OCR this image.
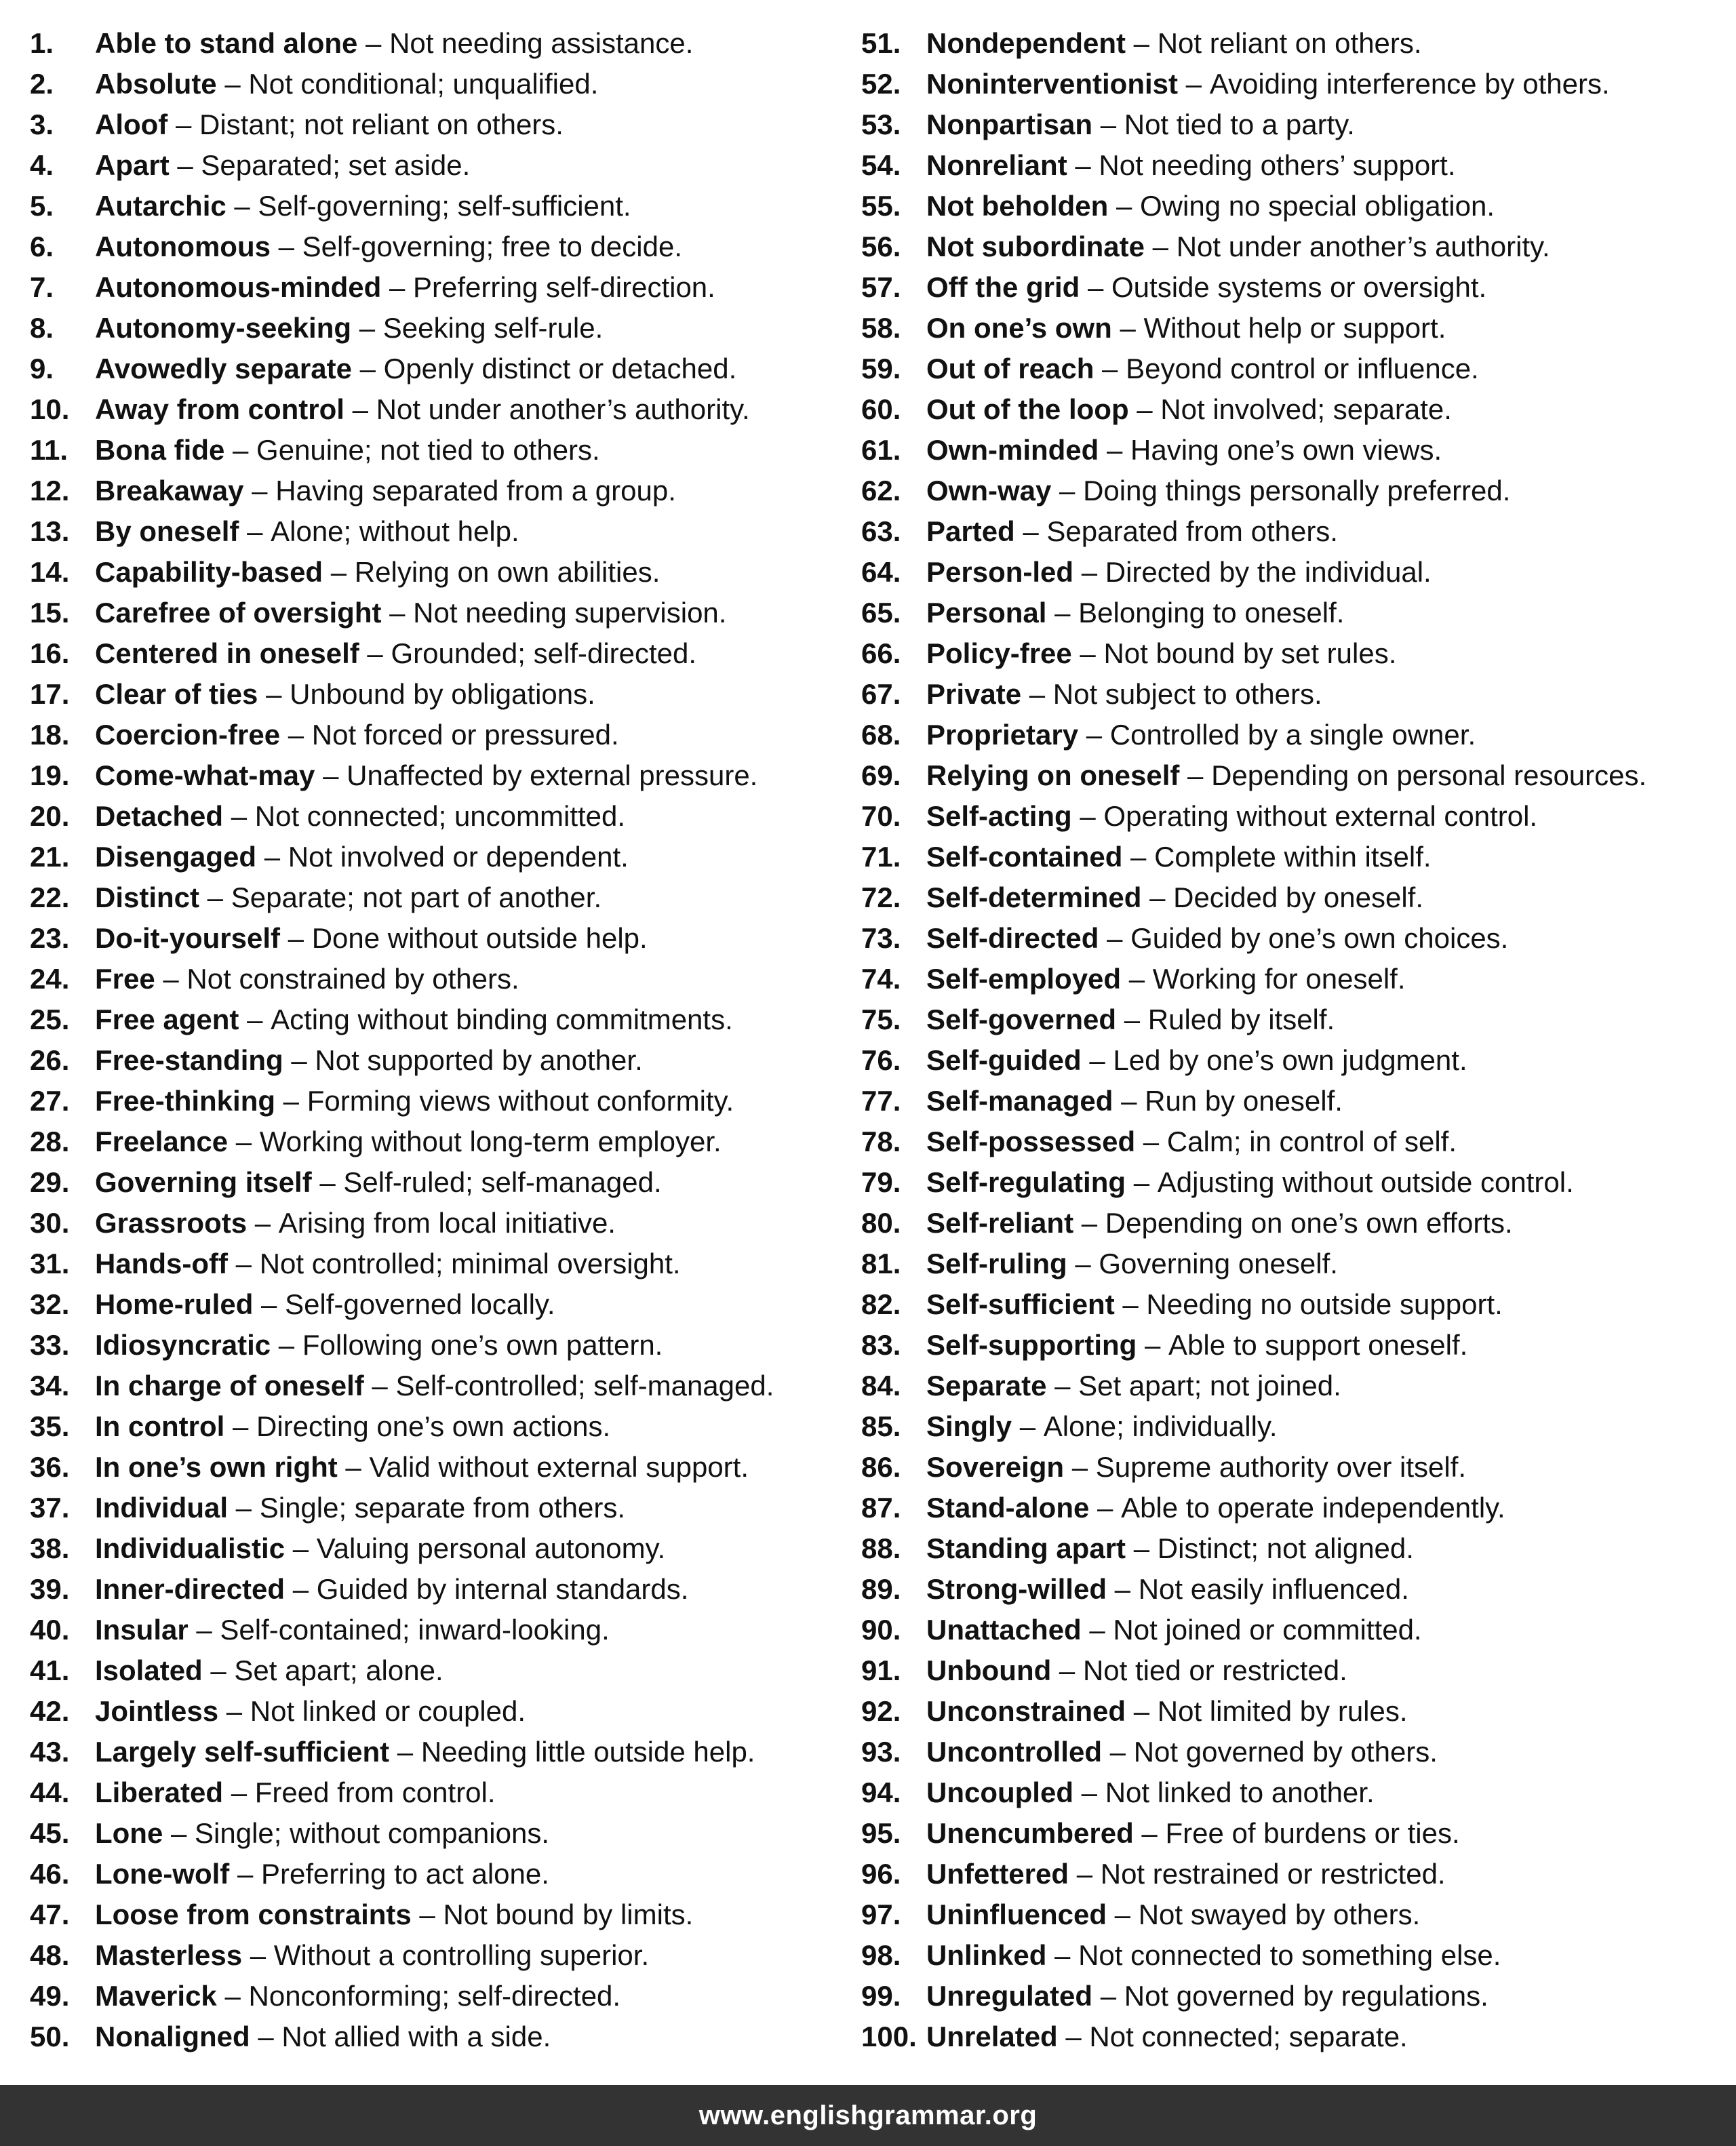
1.	Able to stand alone – Not needing assistance.
2.	Absolute – Not conditional; unqualified.
3.	Aloof – Distant; not reliant on others.
4.	Apart – Separated; set aside.
5.	Autarchic – Self-governing; self-sufficient.
6.	Autonomous – Self-governing; free to decide.
7.	Autonomous-minded – Preferring self-direction.
8.	Autonomy-seeking – Seeking self-rule.
9.	Avowedly separate – Openly distinct or detached.
10. Away from control – Not under another’s authority.
11. Bona fide – Genuine; not tied to others.
12. Breakaway – Having separated from a group.
13. By oneself – Alone; without help.
14. Capability-based – Relying on own abilities.
15. Carefree of oversight – Not needing supervision.
16. Centered in oneself – Grounded; self-directed.
17. Clear of ties – Unbound by obligations.
18. Coercion-free – Not forced or pressured.
19. Come-what-may – Unaffected by external pressure.
20. Detached – Not connected; uncommitted.
21. Disengaged – Not involved or dependent.
22. Distinct – Separate; not part of another.
23. Do-it-yourself – Done without outside help.
24. Free – Not constrained by others.
25. Free agent – Acting without binding commitments.
26. Free-standing – Not supported by another.
27. Free-thinking – Forming views without conformity.
28. Freelance – Working without long-term employer.
29. Governing itself – Self-ruled; self-managed.
30. Grassroots – Arising from local initiative.
31. Hands-off – Not controlled; minimal oversight.
32. Home-ruled – Self-governed locally.
33. Idiosyncratic – Following one’s own pattern.
34. In charge of oneself – Self-controlled; self-managed.
35. In control – Directing one’s own actions.
36. In one’s own right – Valid without external support.
37. Individual – Single; separate from others.
38. Individualistic – Valuing personal autonomy.
39. Inner-directed – Guided by internal standards.
40. Insular – Self-contained; inward-looking.
41. Isolated – Set apart; alone.
42. Jointless – Not linked or coupled.
43. Largely self-sufficient – Needing little outside help.
44. Liberated – Freed from control.
45. Lone – Single; without companions.
46. Lone-wolf – Preferring to act alone.
47. Loose from constraints – Not bound by limits.
48. Masterless – Without a controlling superior.
49. Maverick – Nonconforming; self-directed.
50. Nonaligned – Not allied with a side.
51. Nondependent – Not reliant on others.
52. Noninterventionist – Avoiding interference by others.
53. Nonpartisan – Not tied to a party.
54. Nonreliant – Not needing others’ support.
55. Not beholden – Owing no special obligation.
56. Not subordinate – Not under another’s authority.
57. Off the grid – Outside systems or oversight.
58. On one’s own – Without help or support.
59. Out of reach – Beyond control or influence.
60. Out of the loop – Not involved; separate.
61. Own-minded – Having one’s own views.
62. Own-way – Doing things personally preferred.
63. Parted – Separated from others.
64. Person-led – Directed by the individual.
65. Personal – Belonging to oneself.
66. Policy-free – Not bound by set rules.
67. Private – Not subject to others.
68. Proprietary – Controlled by a single owner.
69. Relying on oneself – Depending on personal resources.
70. Self-acting – Operating without external control.
71. Self-contained – Complete within itself.
72. Self-determined – Decided by oneself.
73. Self-directed – Guided by one’s own choices.
74. Self-employed – Working for oneself.
75. Self-governed – Ruled by itself.
76. Self-guided – Led by one’s own judgment.
77. Self-managed – Run by oneself.
78. Self-possessed – Calm; in control of self.
79. Self-regulating – Adjusting without outside control.
80. Self-reliant – Depending on one’s own efforts.
81. Self-ruling – Governing oneself.
82. Self-sufficient – Needing no outside support.
83. Self-supporting – Able to support oneself.
84. Separate – Set apart; not joined.
85. Singly – Alone; individually.
86. Sovereign – Supreme authority over itself.
87. Stand-alone – Able to operate independently.
88. Standing apart – Distinct; not aligned.
89. Strong-willed – Not easily influenced.
90. Unattached – Not joined or committed.
91. Unbound – Not tied or restricted.
92. Unconstrained – Not limited by rules.
93. Uncontrolled – Not governed by others.
94. Uncoupled – Not linked to another.
95. Unencumbered – Free of burdens or ties.
96. Unfettered – Not restrained or restricted.
97. Uninfluenced – Not swayed by others.
98. Unlinked – Not connected to something else.
99. Unregulated – Not governed by regulations.
100. Unrelated – Not connected; separate.
www.englishgrammar.org
